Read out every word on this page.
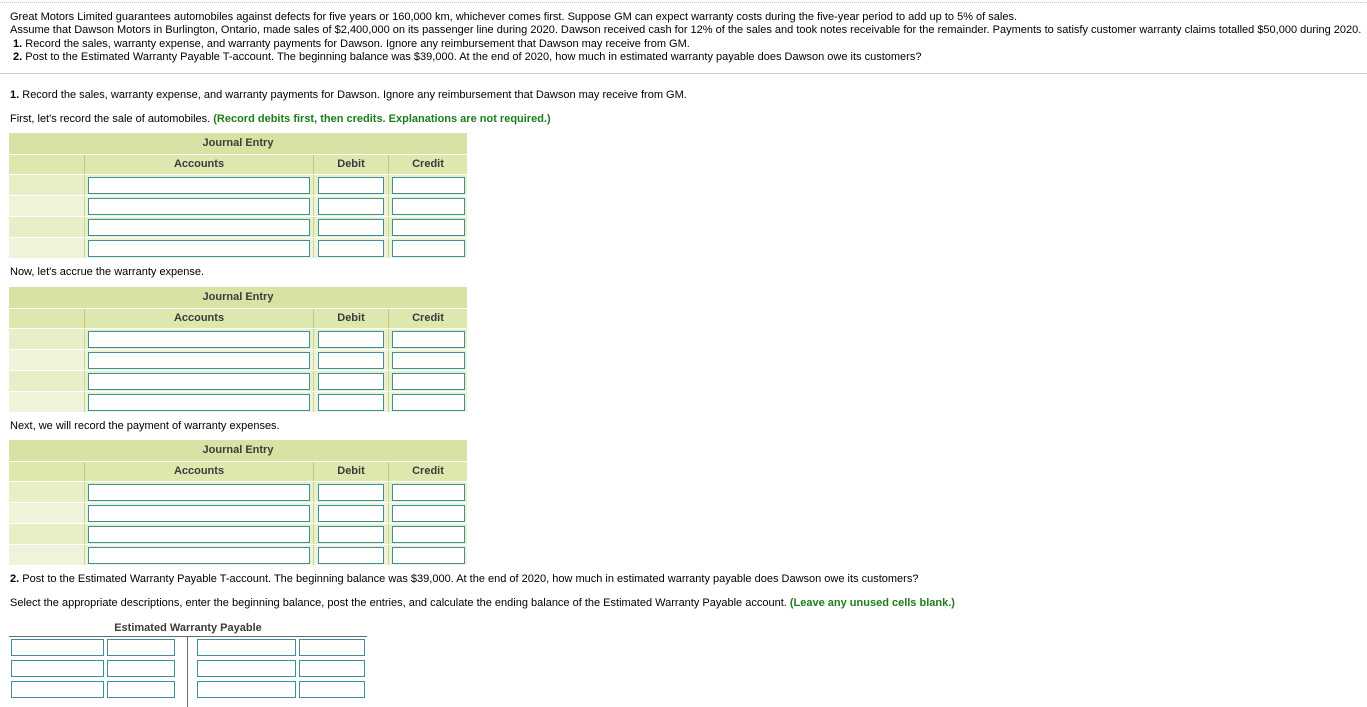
Great Motors Limited guarantees automobiles against defects for five years or 160,000 km, whichever comes first. Suppose GM can expect warranty costs during the five-year period to add up to 5% of sales.
Assume that Dawson Motors in Burlington, Ontario, made sales of $2,400,000 on its passenger line during 2020. Dawson received cash for 12% of the sales and took notes receivable for the remainder. Payments to satisfy customer warranty claims totalled $50,000 during 2020.
1. Record the sales, warranty expense, and warranty payments for Dawson. Ignore any reimbursement that Dawson may receive from GM.
2. Post to the Estimated Warranty Payable T-account. The beginning balance was $39,000. At the end of 2020, how much in estimated warranty payable does Dawson owe its customers?
1. Record the sales, warranty expense, and warranty payments for Dawson. Ignore any reimbursement that Dawson may receive from GM.
First, let's record the sale of automobiles. (Record debits first, then credits. Explanations are not required.)
Journal Entry
Accounts	Debit	Credit
Now, let's accrue the warranty expense.
Journal Entry
Accounts	Debit	Credit
Next, we will record the payment of warranty expenses.
Journal Entry
Accounts	Debit	Credit
2. Post to the Estimated Warranty Payable T-account. The beginning balance was $39,000. At the end of 2020, how much in estimated warranty payable does Dawson owe its customers?
Select the appropriate descriptions, enter the beginning balance, post the entries, and calculate the ending balance of the Estimated Warranty Payable account. (Leave any unused cells blank.)
Estimated Warranty Payable
